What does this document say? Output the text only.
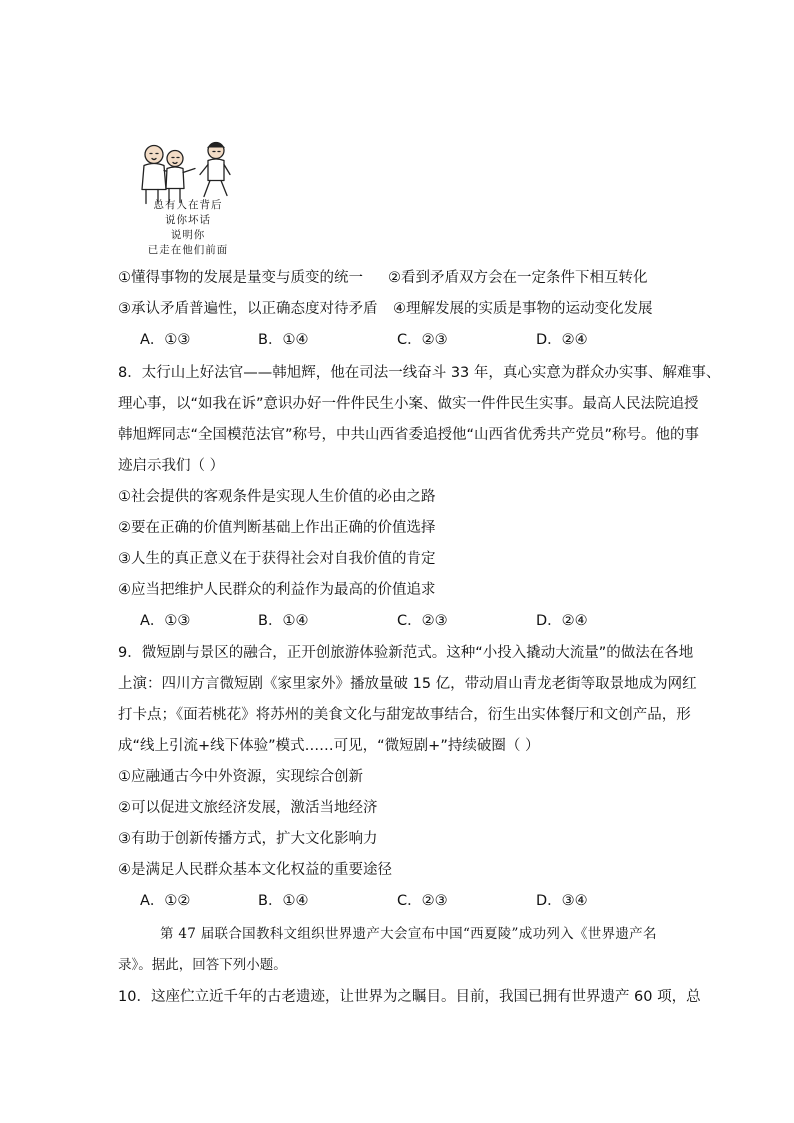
总有人在背后
说你坏话
说明你
已走在他们前面
①懂得事物的发展是量变与质变的统一 ②看到矛盾双方会在一定条件下相互转化
③承认矛盾普遍性，以正确态度对待矛盾 ④理解发展的实质是事物的运动变化发展
A．①③	B．①④	C．②③	D．②④
8．太行山上好法官——韩旭辉，他在司法一线奋斗 33 年，真心实意为群众办实事、解难事、
理心事，以“如我在诉”意识办好一件件民生小案、做实一件件民生实事。最高人民法院追授
韩旭辉同志“全国模范法官”称号，中共山西省委追授他“山西省优秀共产党员”称号。他的事
迹启示我们（ ）
①社会提供的客观条件是实现人生价值的必由之路
②要在正确的价值判断基础上作出正确的价值选择
③人生的真正意义在于获得社会对自我价值的肯定
④应当把维护人民群众的利益作为最高的价值追求
A．①③	B．①④	C．②③	D．②④
9．微短剧与景区的融合，正开创旅游体验新范式。这种“小投入撬动大流量”的做法在各地
上演：四川方言微短剧《家里家外》播放量破 15 亿，带动眉山青龙老街等取景地成为网红
打卡点；《面若桃花》将苏州的美食文化与甜宠故事结合，衍生出实体餐厅和文创产品，形
成“线上引流+线下体验”模式……可见，“微短剧+”持续破圈（ ）
①应融通古今中外资源，实现综合创新
②可以促进文旅经济发展，激活当地经济
③有助于创新传播方式，扩大文化影响力
④是满足人民群众基本文化权益的重要途径
A．①②	B．①④	C．②③	D．③④
第 47 届联合国教科文组织世界遗产大会宣布中国“西夏陵”成功列入《世界遗产名
录》。据此，回答下列小题。
10．这座伫立近千年的古老遗迹，让世界为之瞩目。目前，我国已拥有世界遗产 60 项，总
